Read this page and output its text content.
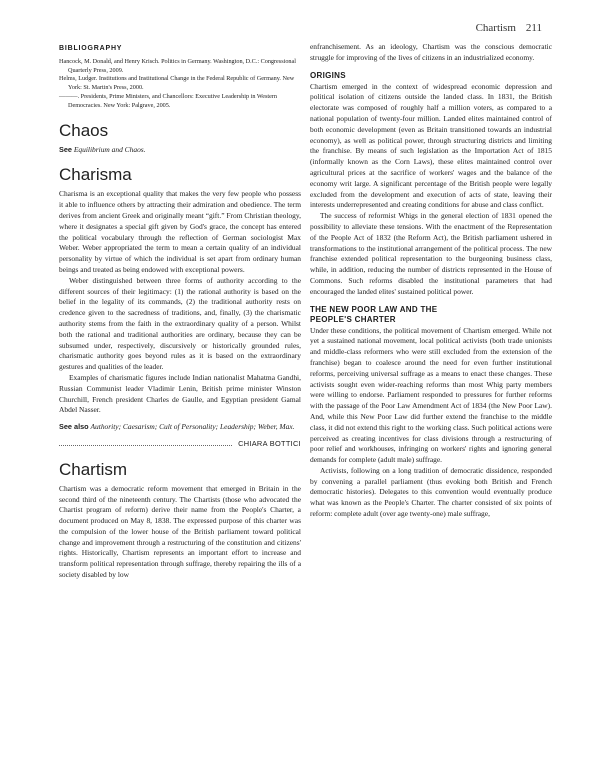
Chartism 211
BIBLIOGRAPHY

Hancock, M. Donald, and Henry Krisch. Politics in Germany. Washington, D.C.: Congressional Quarterly Press, 2009.

Helms, Ludger. Institutions and Institutional Change in the Federal Republic of Germany. New York: St. Martin's Press, 2000.

———. Presidents, Prime Ministers, and Chancellors: Executive Leadership in Western Democracies. New York: Palgrave, 2005.

Chaos

See Equilibrium and Chaos.

Charisma

Charisma is an exceptional quality that makes the very few people who possess it able to influence others by attracting their admiration and obedience. The term derives from ancient Greek and originally meant “gift.” From Christian theology, where it designates a special gift given by God's grace, the concept has entered the political vocabulary through the reflection of German sociologist Max Weber. Weber appropriated the term to mean a certain quality of an individual personality by virtue of which the individual is set apart from ordinary human beings and treated as being endowed with exceptional powers.

Weber distinguished between three forms of authority according to the different sources of their legitimacy: (1) the rational authority is based on the belief in the legality of its commands, (2) the traditional authority rests on credence given to the sacredness of traditions, and, finally, (3) the charismatic authority stems from the faith in the extraordinary quality of a person. Whilst both the rational and traditional authorities are ordinary, because they can be subsumed under, respectively, discursively or historically grounded rules, charismatic authority goes beyond rules as it is based on the extraordinary gestures and qualities of the leader.

Examples of charismatic figures include Indian nationalist Mahatma Gandhi, Russian Communist leader Vladimir Lenin, British prime minister Winston Churchill, French president Charles de Gaulle, and Egyptian president Gamal Abdel Nasser.

See also Authority; Caesarism; Cult of Personality; Leadership; Weber, Max.

CHIARA BOTTICI
Chartism

Chartism was a democratic reform movement that emerged in Britain in the second third of the nineteenth century. The Chartists (those who advocated the Chartist program of reform) derive their name from the People's Charter, a document produced on May 8, 1838. The expressed purpose of this charter was the compulsion of the lower house of the British parliament toward political change and improvement through a restructuring of the constitution and citizens' rights. Historically, Chartism represents an important effort to increase and transform political representation through suffrage, thereby repairing the ills of a society disabled by low

enfranchisement. As an ideology, Chartism was the conscious democratic struggle for improving of the lives of citizens in an industrialized economy.

ORIGINS

Chartism emerged in the context of widespread economic depression and political isolation of citizens outside the landed class. In 1831, the British electorate was composed of roughly half a million voters, as compared to a national population of twenty-four million. Landed elites maintained control of both economic development (even as Britain transitioned towards an industrial economy), as well as political power, through structuring districts and limiting the franchise. By means of such legislation as the Importation Act of 1815 (informally known as the Corn Laws), these elites maintained control over agricultural prices at the sacrifice of workers' wages and the balance of the economy writ large. A significant percentage of the British people were legally excluded from the development and execution of acts of state, leaving their interests underrepresented and creating conditions for abuse and class conflict.

The success of reformist Whigs in the general election of 1831 opened the possibility to alleviate these tensions. With the enactment of the Representation of the People Act of 1832 (the Reform Act), the British parliament ushered in transformations to the institutional arrangement of the political process. The new franchise extended political representation to the burgeoning business class, while, in addition, reducing the number of districts represented in the House of Commons. Such reforms disabled the institutional parameters that had encouraged the landed elites' sustained political power.

THE NEW POOR LAW AND THE
PEOPLE'S CHARTER

Under these conditions, the political movement of Chartism emerged. While not yet a sustained national movement, local political activists (both trade unionists and middle-class reformers who were still excluded from the extension of the franchise) began to coalesce around the need for even further institutional reforms, perceiving universal suffrage as a means to enact these changes. These activists sought even wider-reaching reforms than most Whig party members were willing to endorse. Parliament responded to pressures for further reforms with the passage of the Poor Law Amendment Act of 1834 (the New Poor Law). And, while this New Poor Law did further extend the franchise to the middle class, it did not extend this right to the working class. Such political actions were perceived as creating incentives for class divisions through a restructuring of poor relief and workhouses, infringing on workers' rights and ignoring general demands for complete (adult male) suffrage.

Activists, following on a long tradition of democratic dissidence, responded by convening a parallel parliament (thus evoking both British and French democratic histories). Delegates to this convention would eventually produce what was known as the People's Charter. The charter consisted of six points of reform: complete adult (over age twenty-one) male suffrage,
